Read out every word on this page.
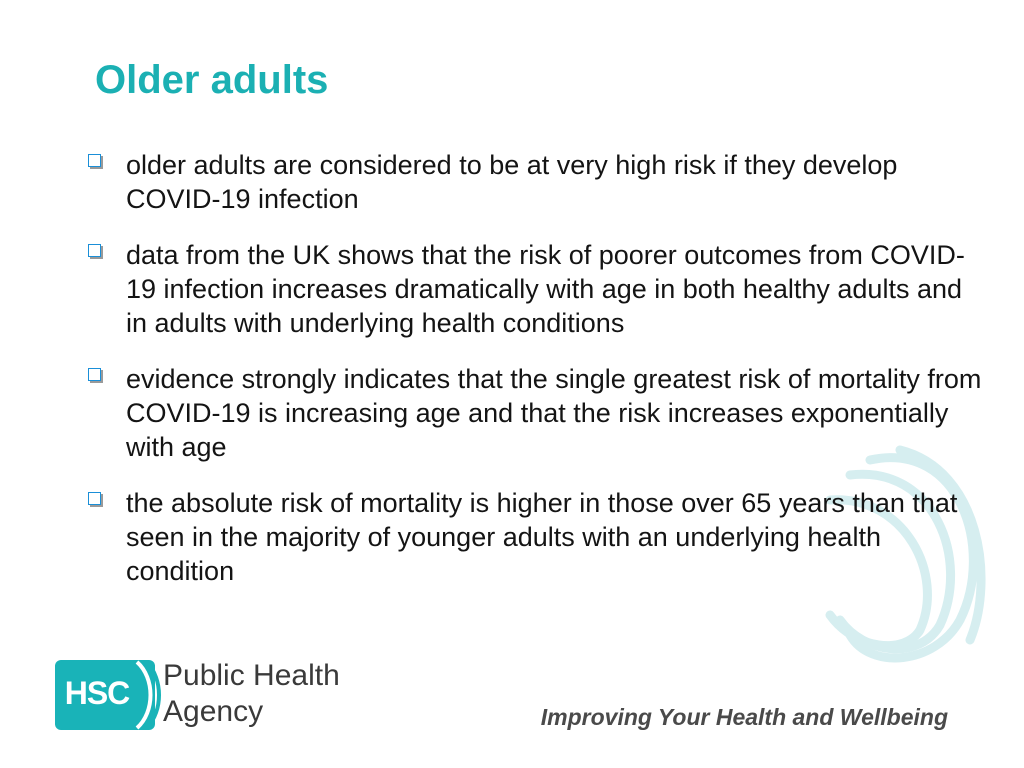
Older adults
older adults are considered to be at very high risk if they develop COVID-19 infection
data from the UK shows that the risk of poorer outcomes from COVID-19 infection increases dramatically with age in both healthy adults and in adults with underlying health conditions
evidence strongly indicates that the single greatest risk of mortality from COVID-19 is increasing age and that the risk increases exponentially with age
the absolute risk of mortality is higher in those over 65 years than that seen in the majority of younger adults with an underlying health condition
HSC	Public Health
Agency	Improving Your Health and Wellbeing
